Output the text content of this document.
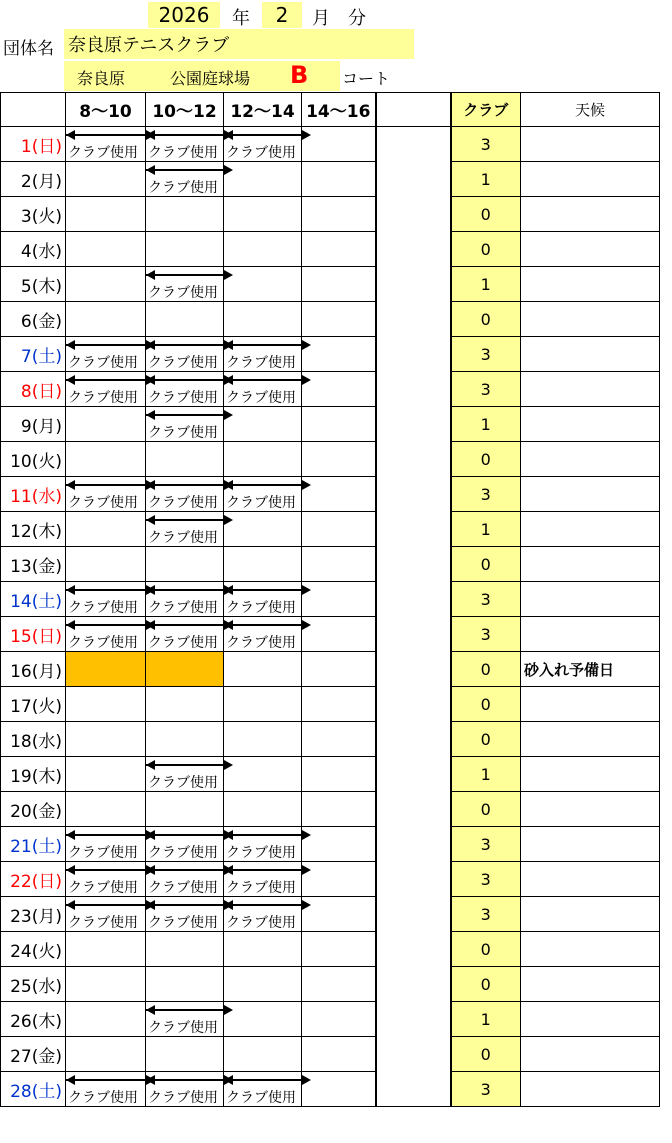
2026	年	2	月 分
団体名 奈良原テニスクラブ
奈良原	公園庭球場 B コート
	8～10	10～12	12～14	14～16		クラブ	天候
1(日)	クラブ使用	クラブ使用	クラブ使用			3	
2(月)		クラブ使用				1	
3(火)						0	
4(水)						0	
5(木)		クラブ使用				1	
6(金)						0	
7(土)	クラブ使用	クラブ使用	クラブ使用			3	
8(日)	クラブ使用	クラブ使用	クラブ使用			3	
9(月)		クラブ使用				1	
10(火)						0	
11(水)	クラブ使用	クラブ使用	クラブ使用			3	
12(木)		クラブ使用				1	
13(金)						0	
14(土)	クラブ使用	クラブ使用	クラブ使用			3	
15(日)	クラブ使用	クラブ使用	クラブ使用			3	
16(月)						0	砂入れ予備日
17(火)						0	
18(水)						0	
19(木)		クラブ使用				1	
20(金)						0	
21(土)	クラブ使用	クラブ使用	クラブ使用			3	
22(日)	クラブ使用	クラブ使用	クラブ使用			3	
23(月)	クラブ使用	クラブ使用	クラブ使用			3	
24(火)						0	
25(水)						0	
26(木)		クラブ使用				1	
27(金)						0	
28(土)	クラブ使用	クラブ使用	クラブ使用			3	
